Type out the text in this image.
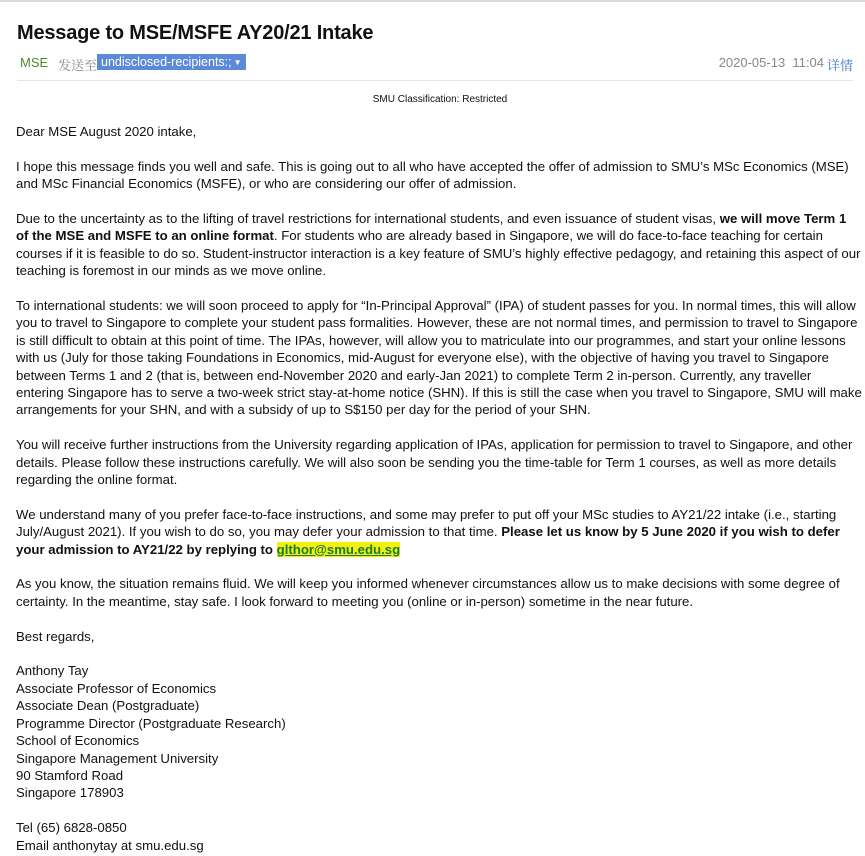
Message to MSE/MSFE AY20/21 Intake
MSE 发送至 undisclosed-recipients:; ▼	2020-05-13 11:04 详情
SMU Classification: Restricted

Dear MSE August 2020 intake,

I hope this message finds you well and safe. This is going out to all who have accepted the offer of admission to SMU’s MSc Economics (MSE) and MSc Financial Economics (MSFE), or who are considering our offer of admission.

Due to the uncertainty as to the lifting of travel restrictions for international students, and even issuance of student visas, we will move Term 1 of the MSE and MSFE to an online format. For students who are already based in Singapore, we will do face-to-face teaching for certain courses if it is feasible to do so. Student-instructor interaction is a key feature of SMU’s highly effective pedagogy, and retaining this aspect of our teaching is foremost in our minds as we move online.

To international students: we will soon proceed to apply for “In-Principal Approval” (IPA) of student passes for you. In normal times, this will allow you to travel to Singapore to complete your student pass formalities. However, these are not normal times, and permission to travel to Singapore is still difficult to obtain at this point of time. The IPAs, however, will allow you to matriculate into our programmes, and start your online lessons with us (July for those taking Foundations in Economics, mid-August for everyone else), with the objective of having you travel to Singapore between Terms 1 and 2 (that is, between end-November 2020 and early-Jan 2021) to complete Term 2 in-person. Currently, any traveller entering Singapore has to serve a two-week strict stay-at-home notice (SHN). If this is still the case when you travel to Singapore, SMU will make arrangements for your SHN, and with a subsidy of up to S$150 per day for the period of your SHN.

You will receive further instructions from the University regarding application of IPAs, application for permission to travel to Singapore, and other details. Please follow these instructions carefully. We will also soon be sending you the time-table for Term 1 courses, as well as more details regarding the online format.

We understand many of you prefer face-to-face instructions, and some may prefer to put off your MSc studies to AY21/22 intake (i.e., starting July/August 2021). If you wish to do so, you may defer your admission to that time. Please let us know by 5 June 2020 if you wish to defer your admission to AY21/22 by replying to glthor@smu.edu.sg

As you know, the situation remains fluid. We will keep you informed whenever circumstances allow us to make decisions with some degree of certainty. In the meantime, stay safe. I look forward to meeting you (online or in-person) sometime in the near future.

Best regards,

Anthony Tay
Associate Professor of Economics
Associate Dean (Postgraduate)
Programme Director (Postgraduate Research)
School of Economics
Singapore Management University
90 Stamford Road
Singapore 178903

Tel (65) 6828-0850
Email anthonytay at smu.edu.sg
